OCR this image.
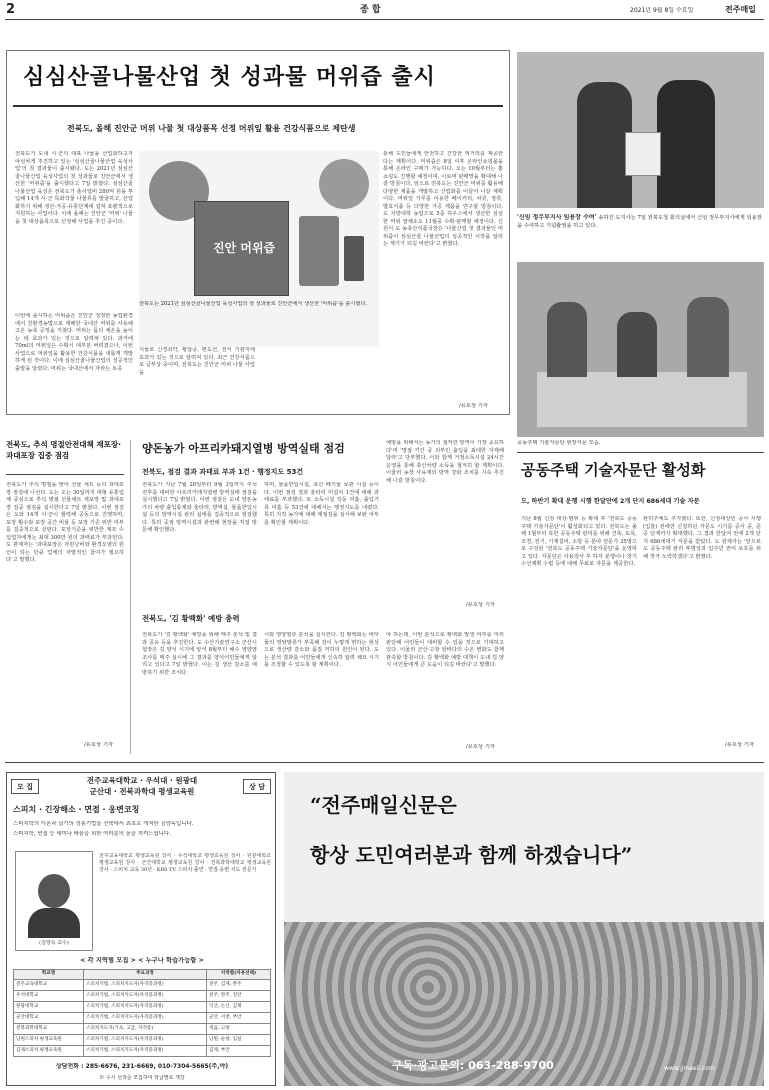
2	종 합	2021년 9월 8일 수요일	전주매일
심심산골나물산업 첫 성과물 머위즙 출시
전북도, 올해 진안군 머위 나물 첫 대상품목 선정 머위잎 활용 건강식품으로 제탄생

전북도가 도내 시·군의 대표 나물을 산업화하고자 야심차게 추진하고 있는 '심심산골나물산업 육성사업'의 첫 결과물이 출시됐다. 도는 2021년 심심산골나물산업 육성사업의 첫 성과물로 진안군에서 생산한 '머위즙'을 출시했다고 7일 밝혔다. 심심산골나물산업 육성은 전북도가 총사업비 280억 원을 투입해 14개 시·군 특화작물 나물류를 발굴하고, 산업화하기 위해 생산·가공·유통단계에 걸쳐 포괄적으로 지원하는 사업이다. 이에 올해는 진안군 '머위' 나물을 첫 대상품목으로 선정해 사업을 추진 중이다.

이번에 출시하는 머위즙은 진안군 청정한 농업환경에서 친환경농법으로 재배한 국내산 머위를 사용해 고온 농축 공정을 거쳤다. 머위는 몸의 체온을 높이는 데 효과가 있는 것으로 알려져 있다. 과거에 70ml의 머위잎은 수확시 대부분 버려졌으나, 이번 사업으로 머위잎을 활용한 건강식품을 새롭게 개발하게 된 것이다. 이에 심심산골나물산업의 성공적인 출발을 알렸다. 머위는 국내산에서 자라는 토종

진안 머위즙

전북도는 2021년 심심산골나물산업 육성사업의 첫 성과물로 진안군에서 생산한 '머위즙'을 출시했다.

식물로 신경쇠약, 황달증, 편도선, 천식 기관지에 효과가 있는 것으로 알려져 있다. 최근 건강식품으로 급부상 중이며, 전북도는 진안군 머위 나물 사업을

통해 도민들에게 안전하고 건강한 먹거리를 제공한다는 계획이다. 머위즙은 8일 이후 온라인쇼핑몰을 통해 온라인 구매가 가능하다. 오는 10월부터는 홈쇼핑도 진행할 예정이며, 이로써 판매망을 확대해 나갈 방침이다. 앞으로 전북도는 진안군 머위를 활용해 다양한 제품을 개발하고 산업화를 이끌어 나갈 계획이다. 머위잎 가루를 이용한 베이커리, 차류, 장류, 발효식품 등 다양한 가공 제품을 연구할 방침이다. 도 지방대학 농업으로 5종 하우스에서 생산한 심심한 머위 쌈채소도 11월중 수확·판매할 예정이다. 신원식 도 농축산식품국장은 '나물산업 첫 결과물인 머위즙이 심심산골 나물산업의 성공적인 시작을 알리는 계기가 되길 바란다'고 밝혔다.

/유호상 기자
'신임 정무부지사 임용장 수여' 송하진 도지사는 7일 전북도청 회의실에서 신임 정무부지사에게 임용장을 수여하고 기념촬영을 하고 있다.

공동주택 기술자문단 현장자문 모습.

전북도, 추석 명절안전대책 재포장·과대포장 집중 점검

전북도가 추석 명절을 맞아 선물 세트 등의 과대포장 점검에 나선다. 도는 오는 30일까지 대형 유통업체 중심으로 추석 명절 선물세트 제포장 및 과대포장 집중 점검을 실시한다고 7일 밝혔다. 이번 점검은 도와 14개 시·군이 협력해 공동으로 진행하며, 포장 횟수와 포장 공간 비율 등 포장 기준 위반 여부를 집중적으로 살핀다. 포장기준을 위반한 제조 수입업자에게는 최대 300만 원의 과태료가 부과된다. 도 관계자는 '과대포장은 자원낭비와 환경오염의 원인이 되는 만큼 업체의 자발적인 참여가 필요하다'고 말했다.

/유호상 기자
양돈농가 아프리카돼지열병 방역실태 점검
전북도, 점검 결과 과태료 부과 1건 · 행정지도 53건

전북도가 지난 7월 28일부터 9월 3일까지 추석 전후를 대비한 아프리카돼지열병 방역실태 점검을 실시했다고 7일 밝혔다. 이번 점검은 도내 양돈농가의 차량 출입통제와 울타리, 방역실, 물품반입시설 등의 방역시설 관리 실태를 집중적으로 점검했다. 특히 중점 방역시설과 관련해 현장을 직접 방문해 확인했다.

하며, 물품반입시설, 축산 폐기물 보관 시설 등이다. 이번 점검 결과 울타리 미설치 1건에 대해 과태료를 부과했다. 또 소독시설 작동 미흡, 출입기록 미흡 등 53건에 대해서는 행정지도를 내렸다. 특히 지적 농가에 대해 재점검을 실시해 보완 여부를 확인할 계획이다.

예방을 위해서는 농가의 철저한 방역이 가장 중요하다'며 '명절 기간 중 외부인 출입을 최대한 자제해 달라'고 당부했다. 이와 함께 거점소독시설 24시간 운영을 통해 축산차량 소독을 철저히 할 계획이다. 이울러 농장 사육제외 방역 강화 조치를 지속 추진해 나갈 방침이다.

/유호상 기자
전북도, '김 황백화' 예방 총력

전북도가 '김 황백화' 예방을 위해 매주 분석 및 결과 공유 등을 추진한다. 도 수산기술연구소 군산시험장은 김 양식 시기에 앞서 8월부터 해수 영양염 조사를 매주 실시해 그 결과를 양식어민들에게 알리고 있다고 7일 밝혔다. 이는 김 생산 감소를 예방하기 위한 조치다.

시와 영양염류 분석을 실시한다. 김 황백화는 바닷물의 영양염류가 부족해 김이 누렇게 변하는 현상으로 생산량 감소와 품질 저하의 원인이 된다. 도는 분석 결과를 어민들에게 신속히 알려 채묘 시기를 조정할 수 있도록 할 계획이다.

야 하는데, 이번 분석으로 황백화 발생 여부를 미리 판단해 어민들이 대비할 수 있을 것으로 기대하고 있다. 이울러 군산·고창 앞바다의 수온 변화도 함께 관측할 방침이다. 김 황백화 예방 대책이 도내 김 양식 어민들에게 큰 도움이 되길 바란다'고 말했다.

/유호상 기자
공동주택 기술자문단 활성화
도, 하반기 확대 운행 시행 한달만에 2개 단지 686세대 기술 자문

지난 8월 신청 대상·범위 등 확대 후 '전북도 공동주택 기술자문단'이 활성화되고 있다. 전북도는 올해 1월부터 북한 공동주택 관리를 위해 건축, 토목, 조경, 전기, 기계설비, 소방 등 분야 전문가 35명으로 구성된 '전북도 공동주택 기술자문단'을 운영하고 있다. 자문단은 사용검사 후 하자 분쟁이나 장기수선계획 수립 등에 대해 무료로 자문을 제공한다.

관리주체도 추가했다. 또한, 신청대상인 공사 시행(입찰) 전에만 신청하던 자문도 시기를 공사 중, 준공 단계까지 확대했다. 그 결과 한달여 만에 2개 단지 686세대가 자문을 받았다. 도 관계자는 '앞으로도 공동주택 관리 투명성과 입주민 권익 보호를 위해 적극 노력하겠다'고 밝혔다.

/유호상 기자
모 집	상 담
전주교육대학교 · 우석대 · 원광대
군산대 · 전북과학대 평생교육원
스피치 · 긴장해소 · 면접 · 웅변코칭
스피치학의 이론과 실기의 정통기법을 전북에서 최초로 개척한 김양옥입니다.
스피치학, 면접 등 세미나 배움을 위한 여러분의 꿈을 지켜드립니다.
(김양옥 교수)

전주교육대학교 평생교육원 강사 · 우석대학교 평생교육원 강사 · 원광대학교 평생교육원 강사 · 군산대학교 평생교육원 강사 · 전북과학대학교 평생교육원 강사 · 스피치 교육 30년 · KBS TV 스피치 출연 · 면접·웅변 지도 전문가

< 각 지역별 모집 > < 누구나 학습가능함 >
학교명	주요과정	지역별(자유선택)
전주교육대학교	스피치기법, 스피치지도자(자격증과정)	전주, 김제, 완주
우석대학교	스피치기법, 스피치지도자(자격증과정)	전주, 완주, 진안
원광대학교	스피치기법, 스피치지도자(자격증과정)	익산, 논산, 김제
군산대학교	스피치기법, 스피치지도자(자격증과정)	군산, 서천, 부안
전북과학대학교	스피치지도자(기초, 고급, 자격증)	정읍, 고창
남원스피치 평생교육원	스피치기법, 스피치지도자(자격증과정)	남원, 순창, 임실
김제스피치 평생교육원	스피치기법, 스피치지도자(자격증과정)	김제, 부안
상담전화 : 285-6676, 231-6669, 010-7304-5665(주,야)
※ 수시 선착순 모집하여 학급별로 개강
“전주매일신문은
항상 도민여러분과 함께 하겠습니다”
구독·광고문의: 063-288-9700	www.jjmaeil.com
